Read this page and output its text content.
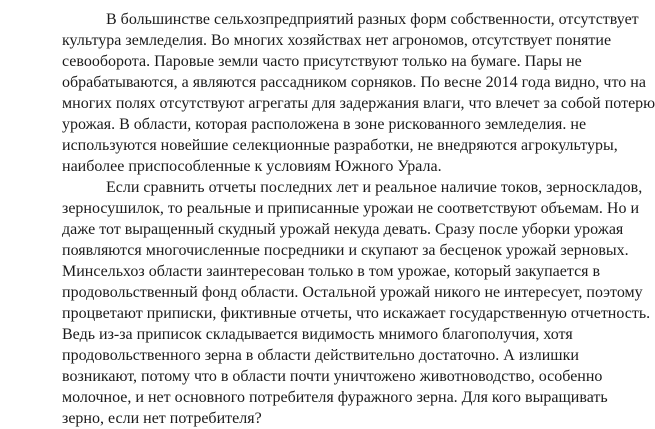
В большинстве сельхозпредприятий разных форм собственности, отсутствует
культура земледелия. Во многих хозяйствах нет агрономов, отсутствует понятие
севооборота. Паровые земли часто присутствуют только на бумаге. Пары не
обрабатываются, а являются рассадником сорняков. По весне 2014 года видно, что на
многих полях отсутствуют агрегаты для задержания влаги, что влечет за собой потерю
урожая. В области, которая расположена в зоне рискованного земледелия. не
используются новейшие селекционные разработки, не внедряются агрокультуры,
наиболее приспособленные к условиям Южного Урала.
Если сравнить отчеты последних лет и реальное наличие токов, зерноскладов,
зерносушилок, то реальные и приписанные урожаи не соответствуют объемам. Но и
даже тот выращенный скудный урожай некуда девать. Сразу после уборки урожая
появляются многочисленные посредники и скупают за бесценок урожай зерновых.
Минсельхоз области заинтересован только в том урожае, который закупается в
продовольственный фонд области. Остальной урожай никого не интересует, поэтому
процветают приписки, фиктивные отчеты, что искажает государственную отчетность.
Ведь из-за приписок складывается видимость мнимого благополучия, хотя
продовольственного зерна в области действительно достаточно. А излишки
возникают, потому что в области почти уничтожено животноводство, особенно
молочное, и нет основного потребителя фуражного зерна. Для кого выращивать
зерно, если нет потребителя?
